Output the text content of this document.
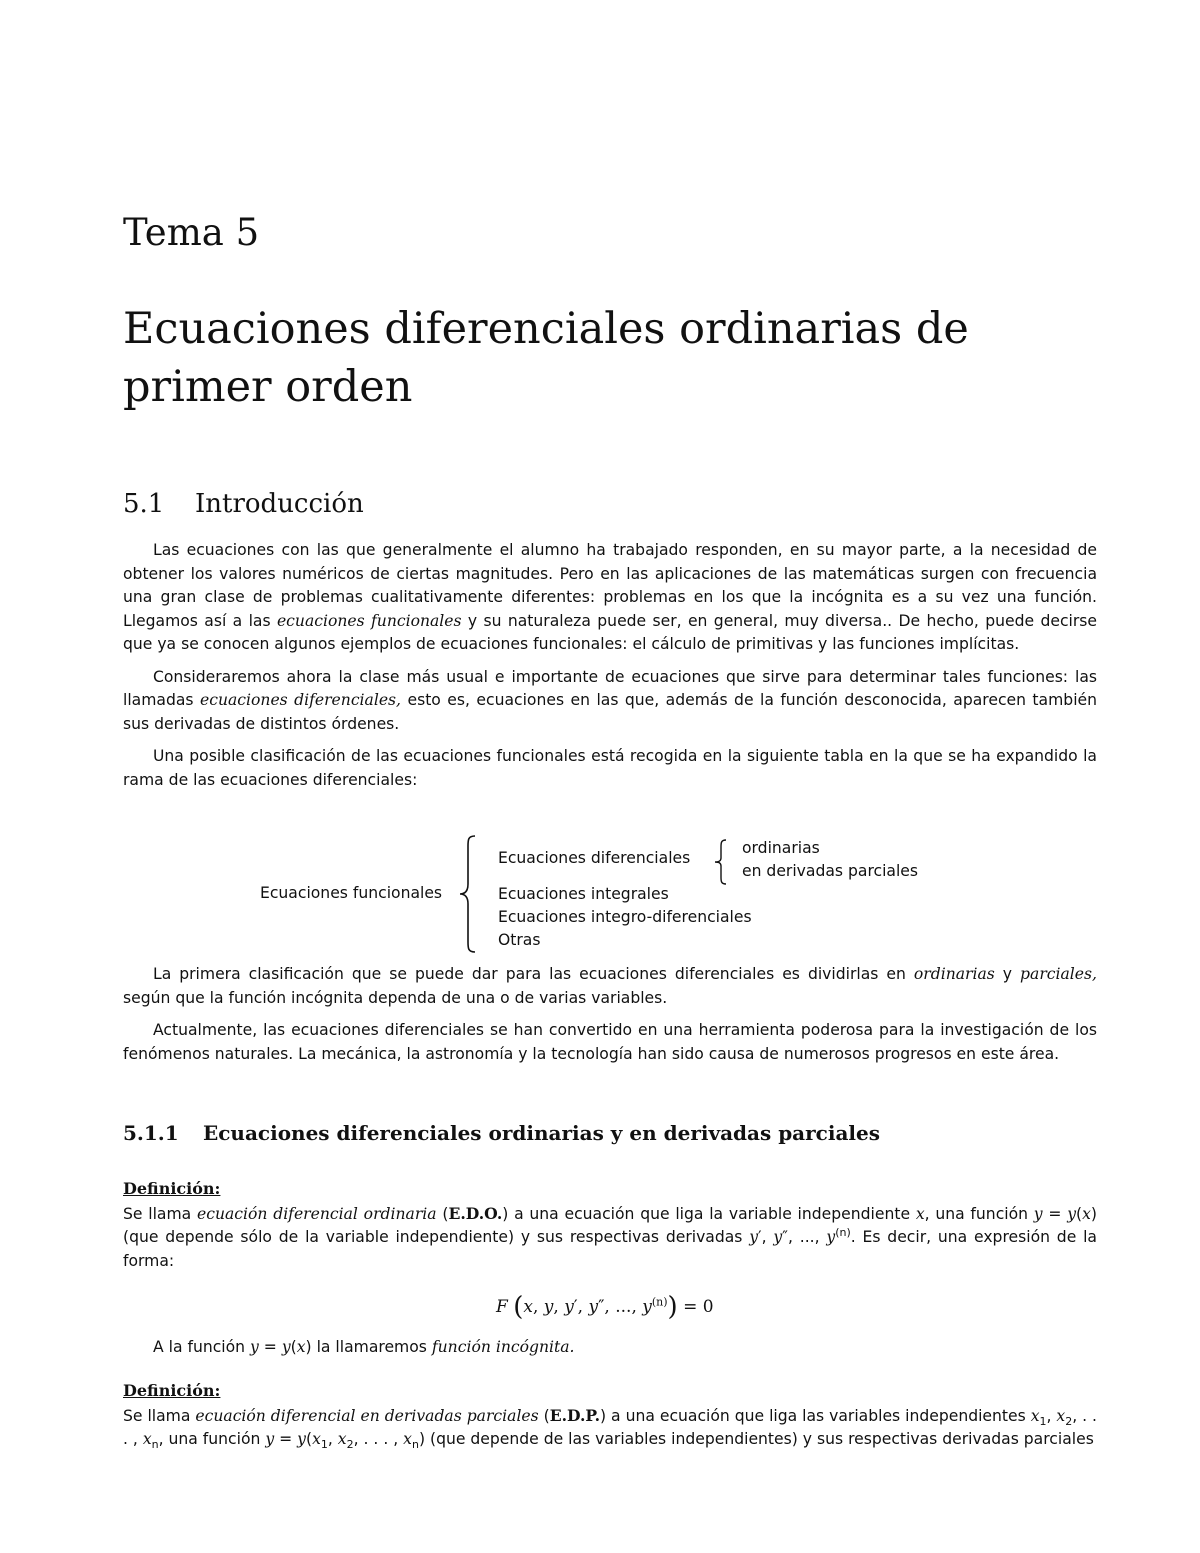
Tema 5
Ecuaciones diferenciales ordinarias de primer orden
5.1 Introducción

Las ecuaciones con las que generalmente el alumno ha trabajado responden, en su mayor parte, a la necesidad de obtener los valores numéricos de ciertas magnitudes. Pero en las aplicaciones de las matemáticas surgen con frecuencia una gran clase de problemas cualitativamente diferentes: problemas en los que la incógnita es a su vez una función. Llegamos así a las ecuaciones funcionales y su naturaleza puede ser, en general, muy diversa.. De hecho, puede decirse que ya se conocen algunos ejemplos de ecuaciones funcionales: el cálculo de primitivas y las funciones implícitas.

Consideraremos ahora la clase más usual e importante de ecuaciones que sirve para determinar tales funciones: las llamadas ecuaciones diferenciales, esto es, ecuaciones en las que, además de la función desconocida, aparecen también sus derivadas de distintos órdenes.

Una posible clasificación de las ecuaciones funcionales está recogida en la siguiente tabla en la que se ha expandido la rama de las ecuaciones diferenciales:

Ecuaciones funcionales
Ecuaciones diferenciales
ordinarias
en derivadas parciales
Ecuaciones integrales
Ecuaciones integro-diferenciales
Otras

La primera clasificación que se puede dar para las ecuaciones diferenciales es dividirlas en ordinarias y parciales, según que la función incógnita dependa de una o de varias variables.

Actualmente, las ecuaciones diferenciales se han convertido en una herramienta poderosa para la investigación de los fenómenos naturales. La mecánica, la astronomía y la tecnología han sido causa de numerosos progresos en este área.

5.1.1 Ecuaciones diferenciales ordinarias y en derivadas parciales

Definición:

Se llama ecuación diferencial ordinaria (E.D.O.) a una ecuación que liga la variable independiente x, una función y = y(x) (que depende sólo de la variable independiente) y sus respectivas derivadas y′, y″, ..., $y^{(n)}$. Es decir, una expresión de la forma:

F (x, y, y′, y″, ..., $y^{(n)}) = 0$

A la función y = y(x) la llamaremos función incógnita.

Definición:

Se llama ecuación diferencial en derivadas parciales (E.D.P.) a una ecuación que liga las variables independientes $x_1$, $x_2$, . . . , $x_n$, una función $y = y(x_1$, $x_2$, . . . , $x_n$) (que depende de las variables independientes) y sus respectivas derivadas parciales
